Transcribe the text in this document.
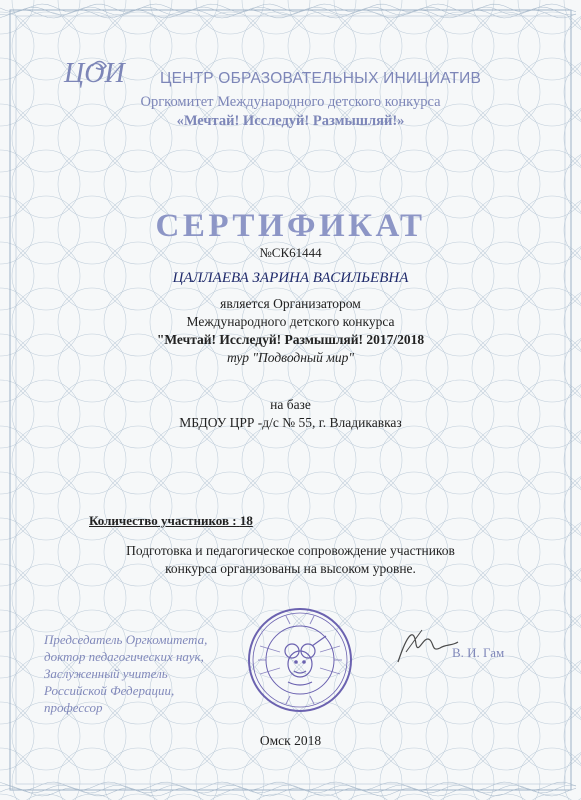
ЦОИ ЦЕНТР ОБРАЗОВАТЕЛЬНЫХ ИНИЦИАТИВ
Оргкомитет Международного детского конкурса
«Мечтай! Исследуй! Размышляй!»
СЕРТИФИКАТ
№СК61444
ЦАЛЛАЕВА ЗАРИНА ВАСИЛЬЕВНА
является Организатором
Международного детского конкурса
"Мечтай! Исследуй! Размышляй! 2017/2018
тур "Подводный мир"
на базе
МБДОУ ЦРР -д/с № 55, г. Владикавказ
Количество участников : 18
Подготовка и педагогическое сопровождение участников
конкурса организованы на высоком уровне.
Председатель Оргкомитета,
доктор педагогических наук,
Заслуженный учитель
Российской Федерации,
профессор
В. И. Гам
Омск 2018
